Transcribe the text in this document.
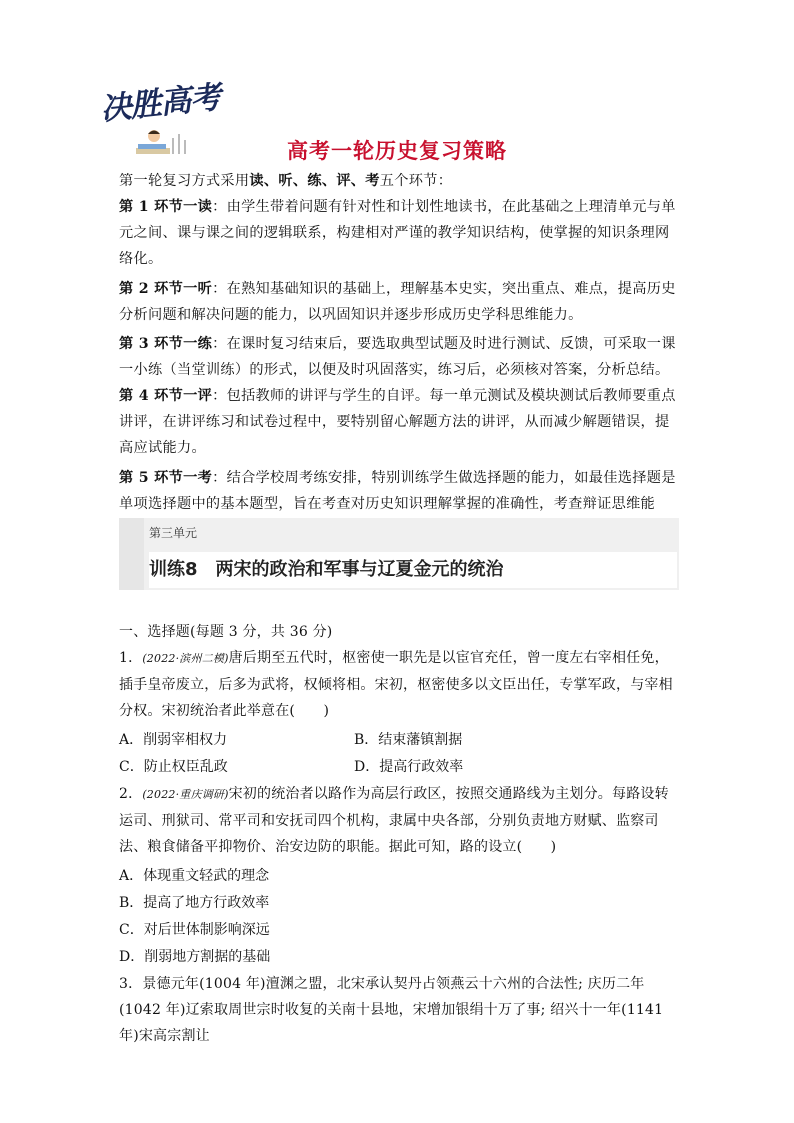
决胜高考
高考一轮历史复习策略
第一轮复习方式采用读、听、练、评、考五个环节：
第 1 环节一读：由学生带着问题有针对性和计划性地读书，在此基础之上理清单元与单元之间、课与课之间的逻辑联系，构建相对严谨的教学知识结构，使掌握的知识条理网络化。
第 2 环节一听：在熟知基础知识的基础上，理解基本史实，突出重点、难点，提高历史分析问题和解决问题的能力，以巩固知识并逐步形成历史学科思维能力。
第 3 环节一练：在课时复习结束后，要选取典型试题及时进行测试、反馈，可采取一课一小练（当堂训练）的形式，以便及时巩固落实，练习后，必须核对答案，分析总结。
第 4 环节一评：包括教师的讲评与学生的自评。每一单元测试及模块测试后教师要重点讲评，在讲评练习和试卷过程中，要特别留心解题方法的讲评，从而减少解题错误，提高应试能力。
第 5 环节一考：结合学校周考练安排，特别训练学生做选择题的能力，如最佳选择题是单项选择题中的基本题型，旨在考查对历史知识理解掌握的准确性，考查辩证思维能
第三单元
训练8　两宋的政治和军事与辽夏金元的统治
一、选择题(每题 3 分，共 36 分)
1．(2022·滨州二模)唐后期至五代时，枢密使一职先是以宦官充任，曾一度左右宰相任免，插手皇帝废立，后多为武将，权倾将相。宋初，枢密使多以文臣出任，专掌军政，与宰相分权。宋初统治者此举意在(　　)
A．削弱宰相权力	B．结束藩镇割据
C．防止权臣乱政	D．提高行政效率
2．(2022·重庆调研)宋初的统治者以路作为高层行政区，按照交通路线为主划分。每路设转运司、刑狱司、常平司和安抚司四个机构，隶属中央各部，分别负责地方财赋、监察司法、粮食储备平抑物价、治安边防的职能。据此可知，路的设立(　　)
A．体现重文轻武的理念
B．提高了地方行政效率
C．对后世体制影响深远
D．削弱地方割据的基础
3．景德元年(1004 年)澶渊之盟，北宋承认契丹占领燕云十六州的合法性; 庆历二年(1042 年)辽索取周世宗时收复的关南十县地，宋增加银绢十万了事; 绍兴十一年(1141 年)宋高宗割让
